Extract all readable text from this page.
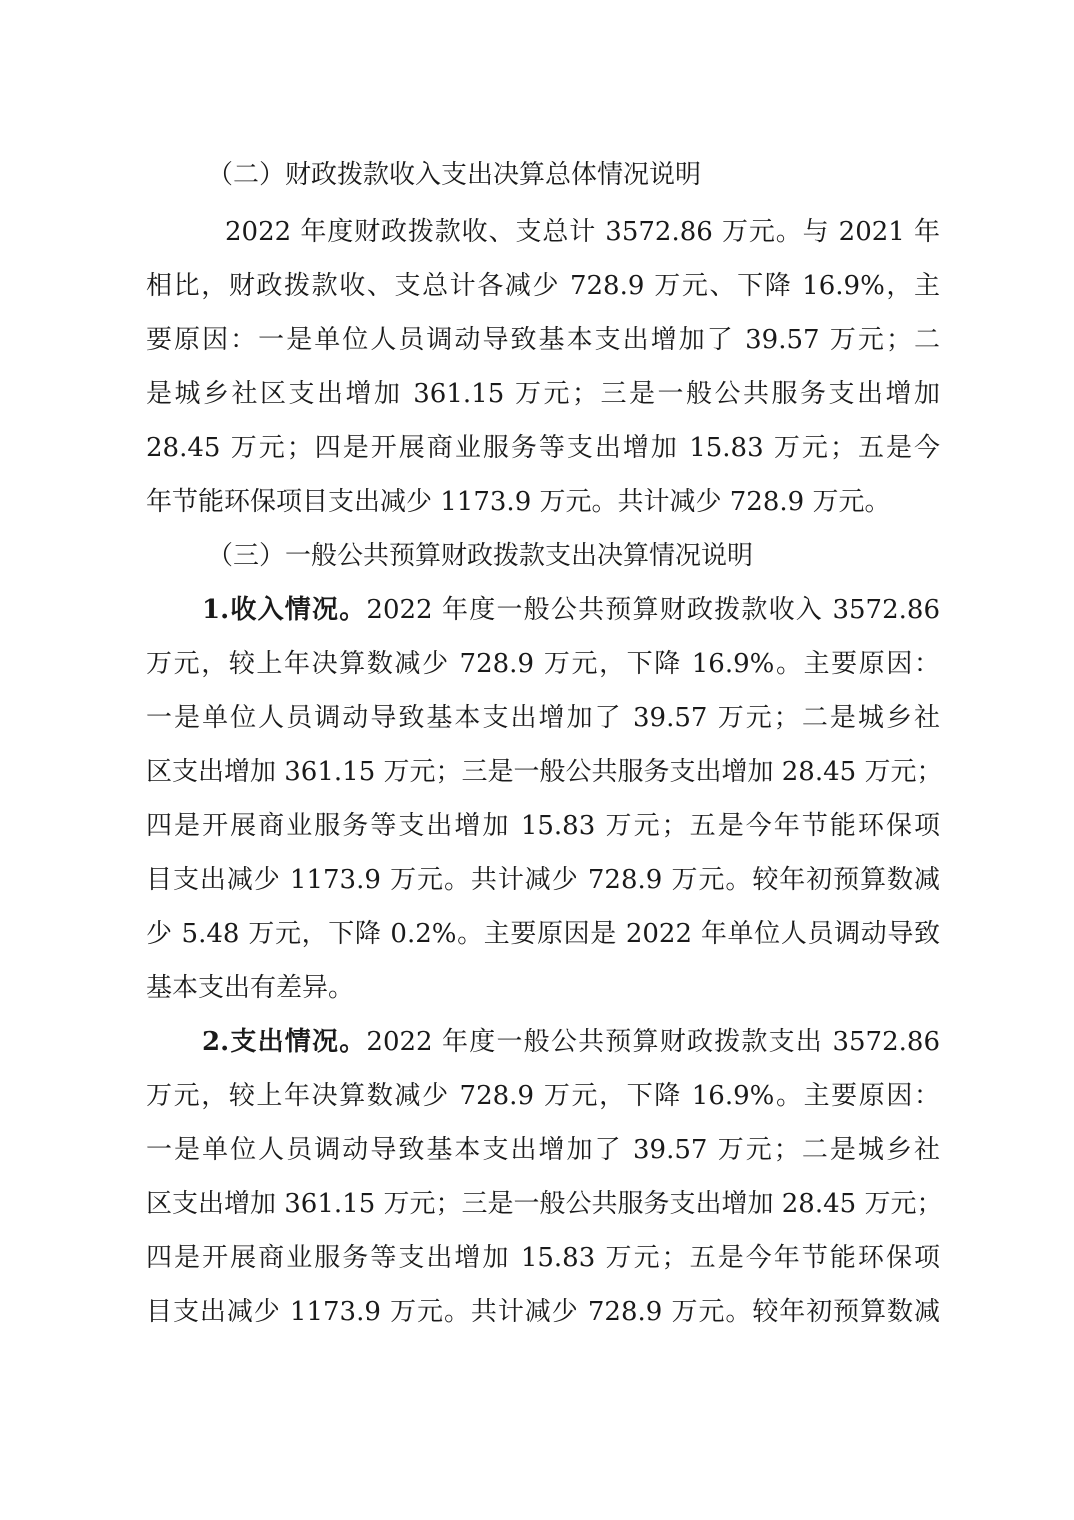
（二）财政拨款收入支出决算总体情况说明
2022 年度财政拨款收、支总计 3572.86 万元。与 2021 年
相比，财政拨款收、支总计各减少 728.9 万元、下降 16.9%，主
要原因：一是单位人员调动导致基本支出增加了 39.57 万元；二
是城乡社区支出增加 361.15 万元；三是一般公共服务支出增加
28.45 万元；四是开展商业服务等支出增加 15.83 万元；五是今
年节能环保项目支出减少 1173.9 万元。共计减少 728.9 万元。
（三）一般公共预算财政拨款支出决算情况说明
1.收入情况。2022 年度一般公共预算财政拨款收入 3572.86
万元，较上年决算数减少 728.9 万元，下降 16.9%。主要原因：
一是单位人员调动导致基本支出增加了 39.57 万元；二是城乡社
区支出增加 361.15 万元；三是一般公共服务支出增加 28.45 万元；
四是开展商业服务等支出增加 15.83 万元；五是今年节能环保项
目支出减少 1173.9 万元。共计减少 728.9 万元。较年初预算数减
少 5.48 万元，下降 0.2%。主要原因是 2022 年单位人员调动导致
基本支出有差异。
2.支出情况。2022 年度一般公共预算财政拨款支出 3572.86
万元，较上年决算数减少 728.9 万元，下降 16.9%。主要原因：
一是单位人员调动导致基本支出增加了 39.57 万元；二是城乡社
区支出增加 361.15 万元；三是一般公共服务支出增加 28.45 万元；
四是开展商业服务等支出增加 15.83 万元；五是今年节能环保项
目支出减少 1173.9 万元。共计减少 728.9 万元。较年初预算数减
